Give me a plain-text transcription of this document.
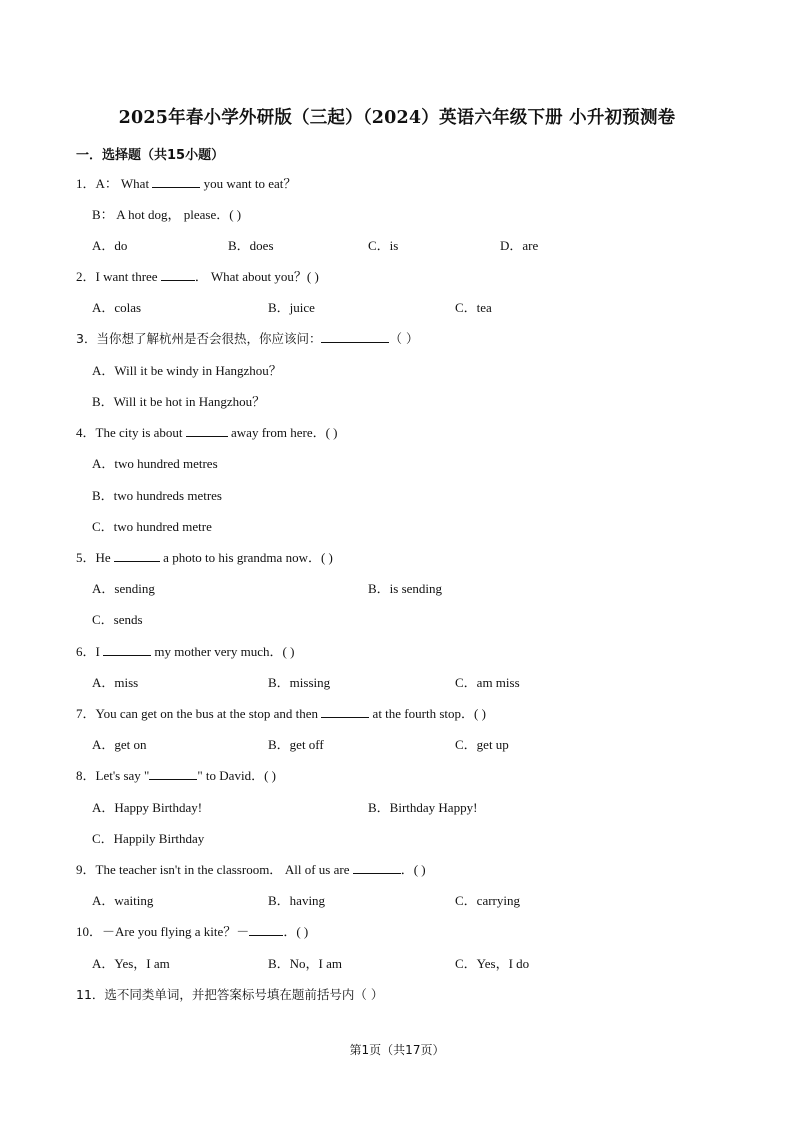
2025年春小学外研版（三起）（2024）英语六年级下册 小升初预测卷
一．选择题（共15小题）
1．A： What	you want to eat？
B： A hot dog， please．( )
A．do	B．does	C．is	D．are
2．I want three	． What about you？( )
A．colas	B．juice	C．tea
3．当你想了解杭州是否会很热，你应该问：	（ ）
A．Will it be windy in Hangzhou？
B．Will it be hot in Hangzhou？
4．The city is about	away from here．( )
A．two hundred metres
B．two hundreds metres
C．two hundred metre
5．He	a photo to his grandma now．( )
A．sending	B．is sending
C．sends
6．I	my mother very much．( )
A．miss	B．missing	C．am miss
7．You can get on the bus at the stop and then	at the fourth stop．( )
A．get on	B．get off	C．get up
8．Let's say "	" to David．( )
A．Happy Birthday!	B．Birthday Happy!
C．Happily Birthday
9．The teacher isn't in the classroom． All of us are	．( )
A．waiting	B．having	C．carrying
10．－Are you flying a kite？－	．( )
A．Yes，I am	B．No，I am	C．Yes，I do
11．选不同类单词，并把答案标号填在题前括号内（ ）
第1页（共17页）
